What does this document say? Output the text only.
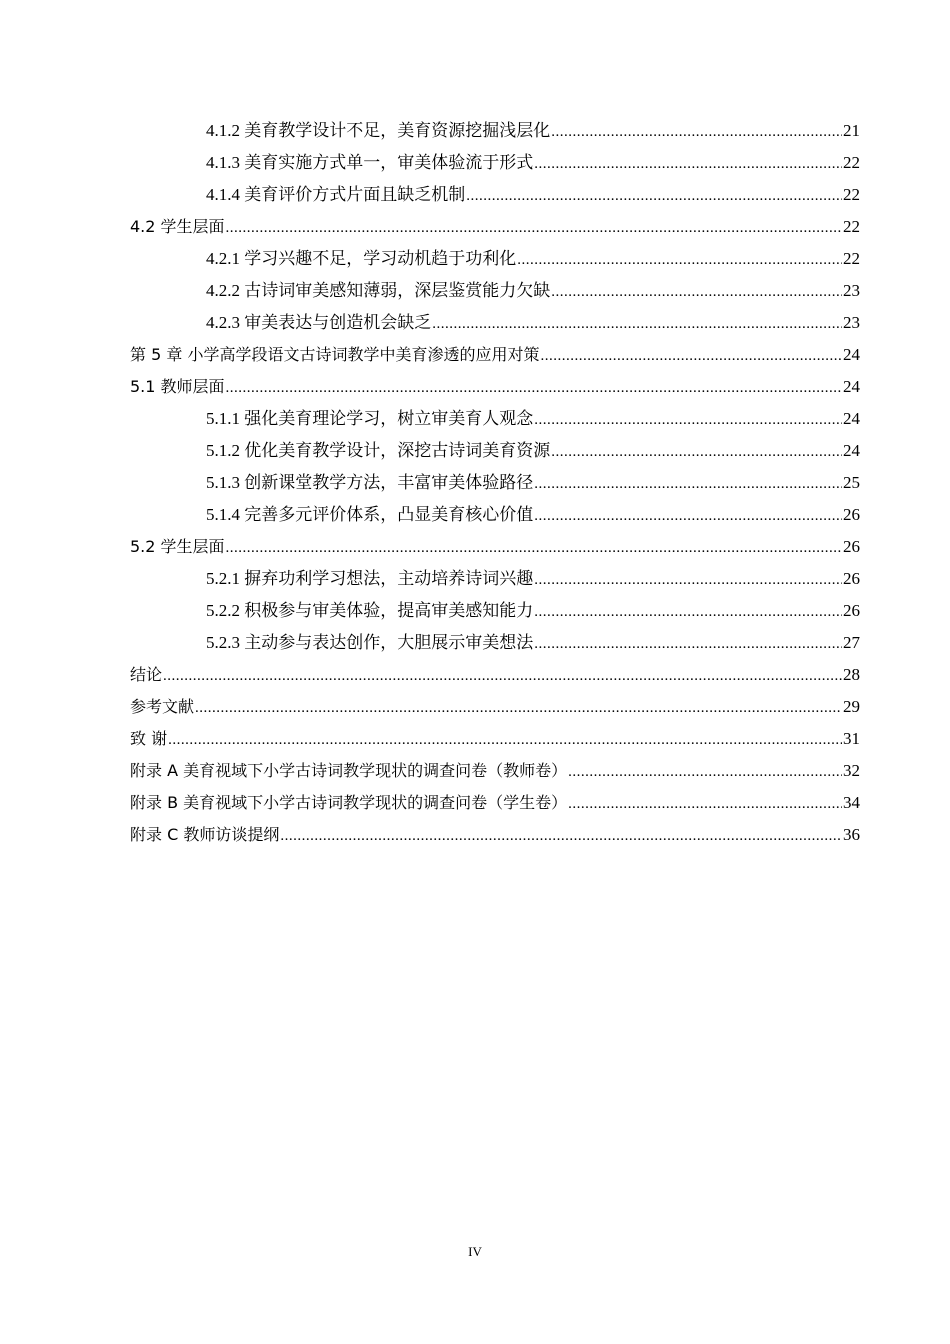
4.1.2 美育教学设计不足，美育资源挖掘浅层化 .....	21
4.1.3 美育实施方式单一，审美体验流于形式 .....	22
4.1.4 美育评价方式片面且缺乏机制 .....	22
4.2 学生层面 .....	22
4.2.1 学习兴趣不足，学习动机趋于功利化 .....	22
4.2.2 古诗词审美感知薄弱，深层鉴赏能力欠缺 .....	23
4.2.3 审美表达与创造机会缺乏 .....	23
第 5 章 小学高学段语文古诗词教学中美育渗透的应用对策 .....	24
5.1 教师层面 .....	24
5.1.1 强化美育理论学习，树立审美育人观念 .....	24
5.1.2 优化美育教学设计，深挖古诗词美育资源 .....	24
5.1.3 创新课堂教学方法，丰富审美体验路径 .....	25
5.1.4 完善多元评价体系，凸显美育核心价值 .....	26
5.2 学生层面 .....	26
5.2.1 摒弃功利学习想法，主动培养诗词兴趣 .....	26
5.2.2 积极参与审美体验，提高审美感知能力 .....	26
5.2.3 主动参与表达创作，大胆展示审美想法 .....	27
结论 .....	28
参考文献 .....	29
致 谢 .....	31
附录 A 美育视域下小学古诗词教学现状的调查问卷（教师卷） .....	32
附录 B 美育视域下小学古诗词教学现状的调查问卷（学生卷） .....	34
附录 C 教师访谈提纲 .....	36
IV
